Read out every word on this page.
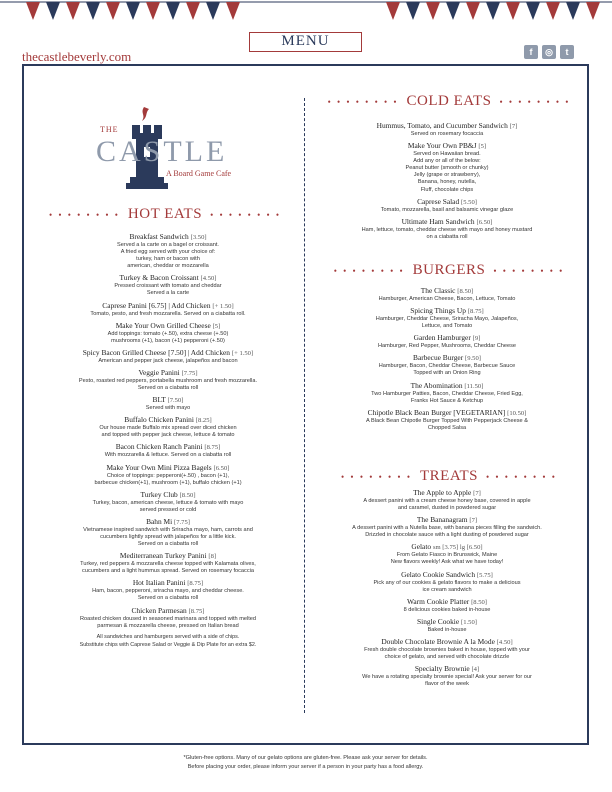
MENU
thecastlebeverly.com	f	◎	t
THE
CASTLE
A Board Game Cafe
• • • • • • • • HOT EATS • • • • • • • •
• • • • • • • • COLD EATS • • • • • • • •
• • • • • • • • BURGERS • • • • • • • •
• • • • • • • • TREATS • • • • • • • •
Breakfast Sandwich [3.50]
Served a la carte on a bagel or croissant.
A fried egg served with your choice of:
turkey, ham or bacon with
american, cheddar or mozzarella
Turkey & Bacon Croissant [4.50]
Pressed croissant with tomato and cheddar
Served a la carte
Caprese Panini [6.75] | Add Chicken [+ 1.50]
Tomato, pesto, and fresh mozzarella. Served on a ciabatta roll.
Make Your Own Grilled Cheese [5]
Add toppings: tomato (+.50), extra cheese (+.50)
mushrooms (+1), bacon (+1) pepperoni (+.50)
Spicy Bacon Grilled Cheese [7.50] | Add Chicken [+ 1.50]
American and pepper jack cheese, jalapeños and bacon
Veggie Panini [7.75]
Pesto, roasted red peppers, portabella mushroom and fresh mozzarella.
Served on a ciabatta roll
BLT [7.50]
Served with mayo
Buffalo Chicken Panini [8.25]
Our house made Buffalo mix spread over diced chicken
and topped with pepper jack cheese, lettuce & tomato
Bacon Chicken Ranch Panini [8.75]
With mozzarella & lettuce. Served on a ciabatta roll
Make Your Own Mini Pizza Bagels [6.50]
Choice of toppings: pepperoni(+.50) , bacon (+1),
barbecue chicken(+1), mushroom (+1), buffalo chicken (+1)
Turkey Club [8.50]
Turkey, bacon, american cheese, lettuce & tomato with mayo
served pressed or cold
Bahn Mi [7.75]
Vietnamese inspired sandwich with Sriracha mayo, ham, carrots and
cucumbers lightly spread with jalapeños for a little kick.
Served on a ciabatta roll
Mediterranean Turkey Panini [8]
Turkey, red peppers & mozzarella cheese topped with Kalamata olives,
cucumbers and a light hummus spread. Served on rosemary focaccia
Hot Italian Panini [8.75]
Ham, bacon, pepperoni, sriracha mayo, and cheddar cheese.
Served on a ciabatta roll
Chicken Parmesan [8.75]
Roasted chicken doused in seasoned marinara and topped with melted
parmesan & mozzarella cheese, pressed on Italian bread
All sandwiches and hamburgers served with a side of chips.
Substitute chips with Caprese Salad or Veggie & Dip Plate for an extra $2.
Hummus, Tomato, and Cucumber Sandwich [7]
Served on rosemary focaccia
Make Your Own PB&J [5]
Served on Hawaiian bread.
Add any or all of the below:
Peanut butter (smooth or chunky)
Jelly (grape or strawberry),
Banana, honey, nutella,
Fluff, chocolate chips
Caprese Salad [5.50]
Tomato, mozzarella, basil and balsamic vinegar glaze
Ultimate Ham Sandwich [6.50]
Ham, lettuce, tomato, cheddar cheese with mayo and honey mustard
on a ciabatta roll
The Classic [8.50]
Hamburger, American Cheese, Bacon, Lettuce, Tomato
Spicing Things Up [8.75]
Hamburger, Cheddar Cheese, Sriracha Mayo, Jalapeños,
Lettuce, and Tomato
Garden Hamburger [9]
Hamburger, Red Pepper, Mushrooms, Cheddar Cheese
Barbecue Burger [9.50]
Hamburger, Bacon, Cheddar Cheese, Barbecue Sauce
Topped with an Onion Ring
The Abomination [11.50]
Two Hamburger Patties, Bacon, Cheddar Cheese, Fried Egg,
Franks Hot Sauce & Ketchup
Chipotle Black Bean Burger [VEGETARIAN] [10.50]
A Black Bean Chipotle Burger Topped With Pepperjack Cheese &
Chopped Salsa
The Apple to Apple [7]
A dessert panini with a cream cheese honey base, covered in apple
and caramel, dusted in powdered sugar
The Bananagram [7]
A dessert panini with a Nutella base, with banana pieces filling the sandwich.
Drizzled in chocolate sauce with a light dusting of powdered sugar
Gelato sm [3.75] lg [6.50]
From Gelato Fiasco in Brunswick, Maine
New flavors weekly! Ask what we have today!
Gelato Cookie Sandwich [5.75]
Pick any of our cookies & gelato flavors to make a delicious
ice cream sandwich
Warm Cookie Platter [8.50]
8 delicious cookies baked in-house
Single Cookie [1.50]
Baked in-house
Double Chocolate Brownie A la Mode [4.50]
Fresh double chocolate brownies baked in house, topped with your
choice of gelato, and served with chocolate drizzle
Specialty Brownie [4]
We have a rotating specialty brownie special! Ask your server for our
flavor of the week
*Gluten-free options. Many of our gelato options are gluten-free. Please ask your server for details.
Before placing your order, please inform your server if a person in your party has a food allergy.
